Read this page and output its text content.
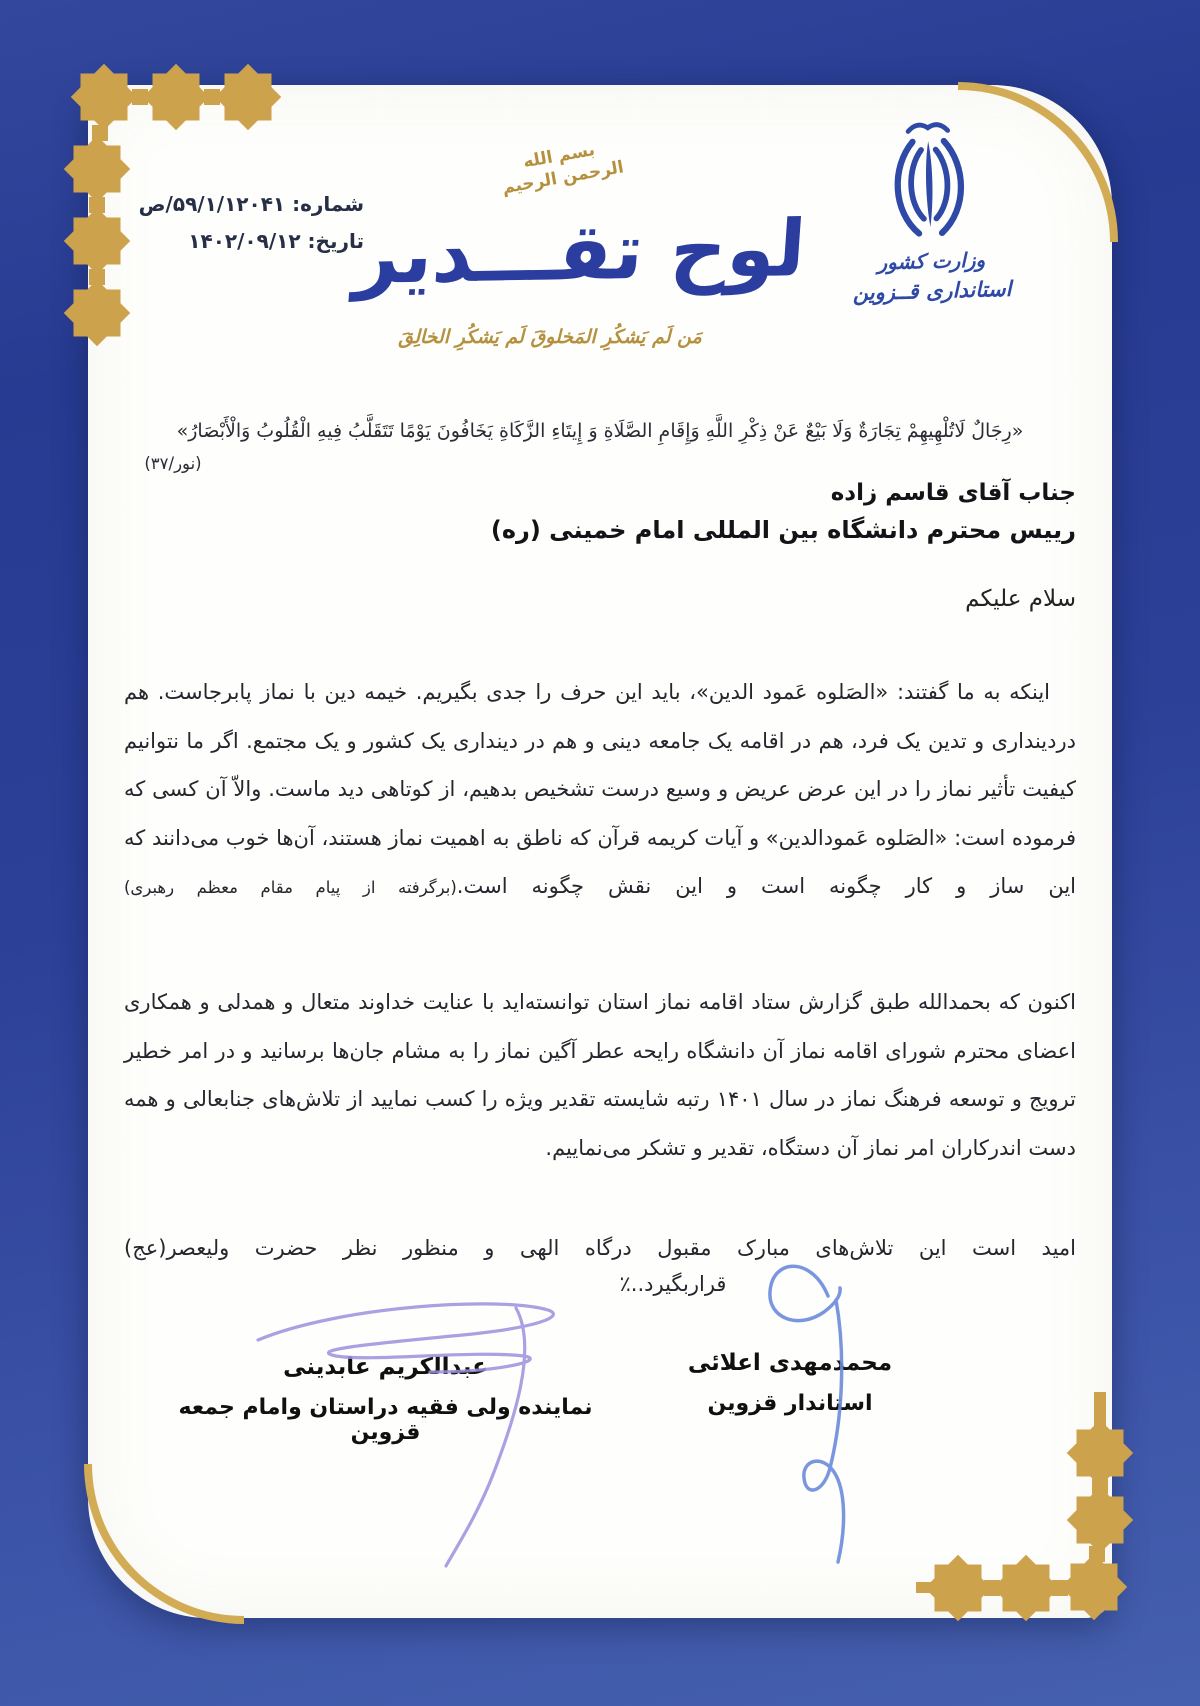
شماره: ۵۹/۱/۱۲۰۴۱/ص
تاریخ: ۱۴۰۲/۰۹/۱۲
وزارت کشور
استانداری قــزوین
بسم الله الرحمن الرحیم
لوح تقـــدیر
مَن لَم یَشکُرِ المَخلوقَ لَم یَشکُرِ الخالِقَ
«رِجَالٌ لَاتُلْهِيهِمْ تِجَارَةٌ وَلَا بَيْعٌ عَنْ ذِكْرِ اللَّهِ وَإِقَامِ الصَّلَاةِ وَ إِيتَاءِ الزَّكَاةِ يَخَافُونَ يَوْمًا تَتَقَلَّبُ فِيهِ الْقُلُوبُ وَالْأَبْصَارُ»
(نور/۳۷)
جناب آقای قاسم زاده
رییس محترم دانشگاه بین المللی امام خمینی (ره)
سلام علیکم
اینکه به ما گفتند: «الصَلوه عَمود الدین»، باید این حرف را جدی بگیریم. خیمه دین با نماز پابرجاست. هم دردینداری و تدین یک فرد، هم در اقامه یک جامعه دینی و هم در دینداری یک کشور و یک مجتمع. اگر ما نتوانیم کیفیت تأثیر نماز را در این عرض عریض و وسیع درست تشخیص بدهیم، از کوتاهی دید ماست. والاّ آن کسی که فرموده است: «الصَلوه عَمودالدین» و آیات کریمه قرآن که ناطق به اهمیت نماز هستند، آن‌ها خوب می‌دانند که این ساز و کار چگونه است و این نقش چگونه است.(برگرفته از پیام مقام معظم رهبری)
اکنون که بحمدالله طبق گزارش ستاد اقامه نماز استان توانسته‌اید با عنایت خداوند متعال و همدلی و همکاری اعضای محترم شورای اقامه نماز آن دانشگاه رایحه عطر آگین نماز را به مشام جان‌ها برسانید و در امر خطیر ترویج و توسعه فرهنگ نماز در سال ۱۴۰۱ رتبه شایسته تقدیر ویژه را کسب نمایید از تلاش‌های جنابعالی و همه دست اندرکاران امر نماز آن دستگاه، تقدیر و تشکر می‌نماییم.
امید است این تلاش‌های مبارک مقبول درگاه الهی و منظور نظر حضرت ولیعصر(عج)
قراربگیرد..٪
محمدمهدی اعلائی
استاندار قزوین
عبدالکریم عابدینی
نماینده ولی فقیه دراستان وامام جمعه قزوین
